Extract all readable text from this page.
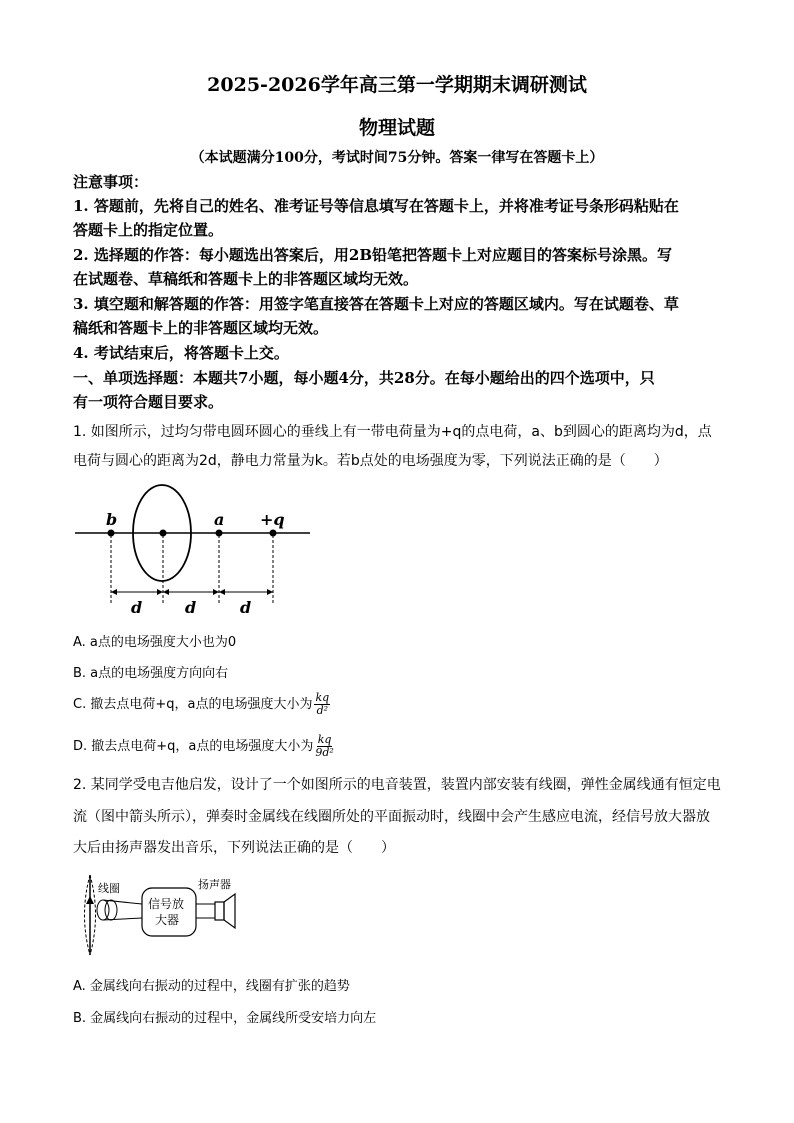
2025-2026学年高三第一学期期末调研测试
物理试题
（本试题满分100分，考试时间75分钟。答案一律写在答题卡上）
注意事项：
1. 答题前，先将自己的姓名、准考证号等信息填写在答题卡上，并将准考证号条形码粘贴在
答题卡上的指定位置。
2. 选择题的作答：每小题选出答案后，用2B铅笔把答题卡上对应题目的答案标号涂黑。写
在试题卷、草稿纸和答题卡上的非答题区域均无效。
3. 填空题和解答题的作答：用签字笔直接答在答题卡上对应的答题区域内。写在试题卷、草
稿纸和答题卡上的非答题区域均无效。
4. 考试结束后，将答题卡上交。
一、单项选择题：本题共7小题，每小题4分，共28分。在每小题给出的四个选项中，只
有一项符合题目要求。
1. 如图所示，过均匀带电圆环圆心的垂线上有一带电荷量为+q的点电荷，a、b到圆心的距离均为d，点
电荷与圆心的距离为2d，静电力常量为k。若b点处的电场强度为零，下列说法正确的是（　　）
b	a +q
d	d	d
A. a点的电场强度大小也为0
B. a点的电场强度方向向右
C. 撤去点电荷+q，a点的电场强度大小为 $\frac{kq}{\text{d²}}$
D. 撤去点电荷+q，a点的电场强度大小为 $\frac{kq}{\text{9d²}}$
2. 某同学受电吉他启发，设计了一个如图所示的电音装置，装置内部安装有线圈，弹性金属线通有恒定电
流（图中箭头所示），弹奏时金属线在线圈所处的平面振动时，线圈中会产生感应电流，经信号放大器放
大后由扬声器发出音乐，下列说法正确的是（　　）
线圈
信号放
大器
扬声器
A. 金属线向右振动的过程中，线圈有扩张的趋势
B. 金属线向右振动的过程中，金属线所受安培力向左
